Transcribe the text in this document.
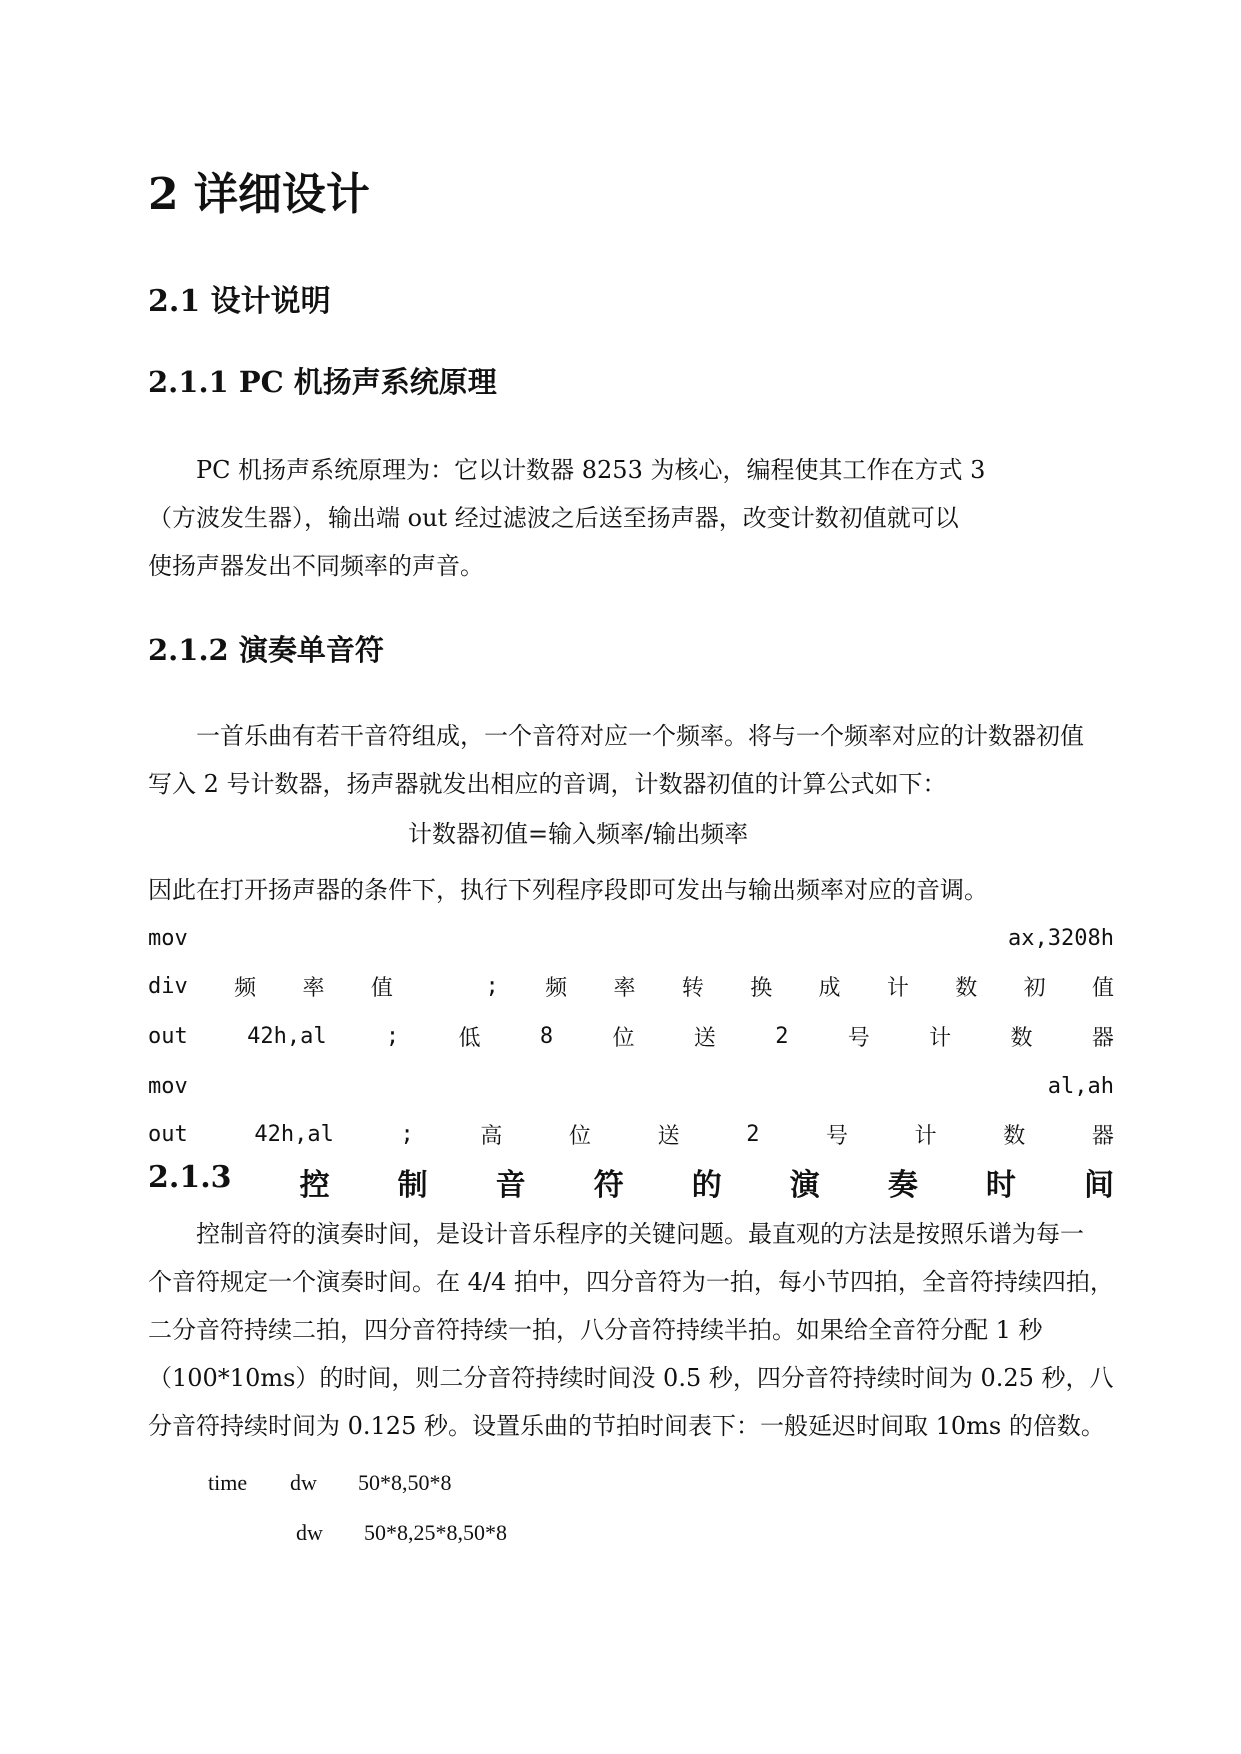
2 详细设计
2.1 设计说明
2.1.1 PC 机扬声系统原理

PC 机扬声系统原理为：它以计数器 8253 为核心，编程使其工作在方式 3
（方波发生器），输出端 out 经过滤波之后送至扬声器，改变计数初值就可以
使扬声器发出不同频率的声音。

2.1.2 演奏单音符

一首乐曲有若干音符组成，一个音符对应一个频率。将与一个频率对应的计数器初值
写入 2 号计数器，扬声器就发出相应的音调，计数器初值的计算公式如下：

计数器初值=输入频率/输出频率

因此在打开扬声器的条件下，执行下列程序段即可发出与输出频率对应的音调。

mov	ax,3208h
div 频 率 值	; 频 率 转 换 成 计 数 初 值
out	42h,al	;	低	8	位	送	2	号	计	数	器
mov	al,ah
out	42h,al	;	高	位	送	2	号	计	数	器
2.1.3 控 制 音 符 的 演 奏 时 间

控制音符的演奏时间，是设计音乐程序的关键问题。最直观的方法是按照乐谱为每一
个音符规定一个演奏时间。在 4/4 拍中，四分音符为一拍，每小节四拍，全音符持续四拍，
二分音符持续二拍，四分音符持续一拍，八分音符持续半拍。如果给全音符分配 1 秒
（100*10ms）的时间，则二分音符持续时间没 0.5 秒，四分音符持续时间为 0.25 秒，八
分音符持续时间为 0.125 秒。设置乐曲的节拍时间表下：一般延迟时间取 10ms 的倍数。

time dw 50*8,50*8

dw 50*8,25*8,50*8
